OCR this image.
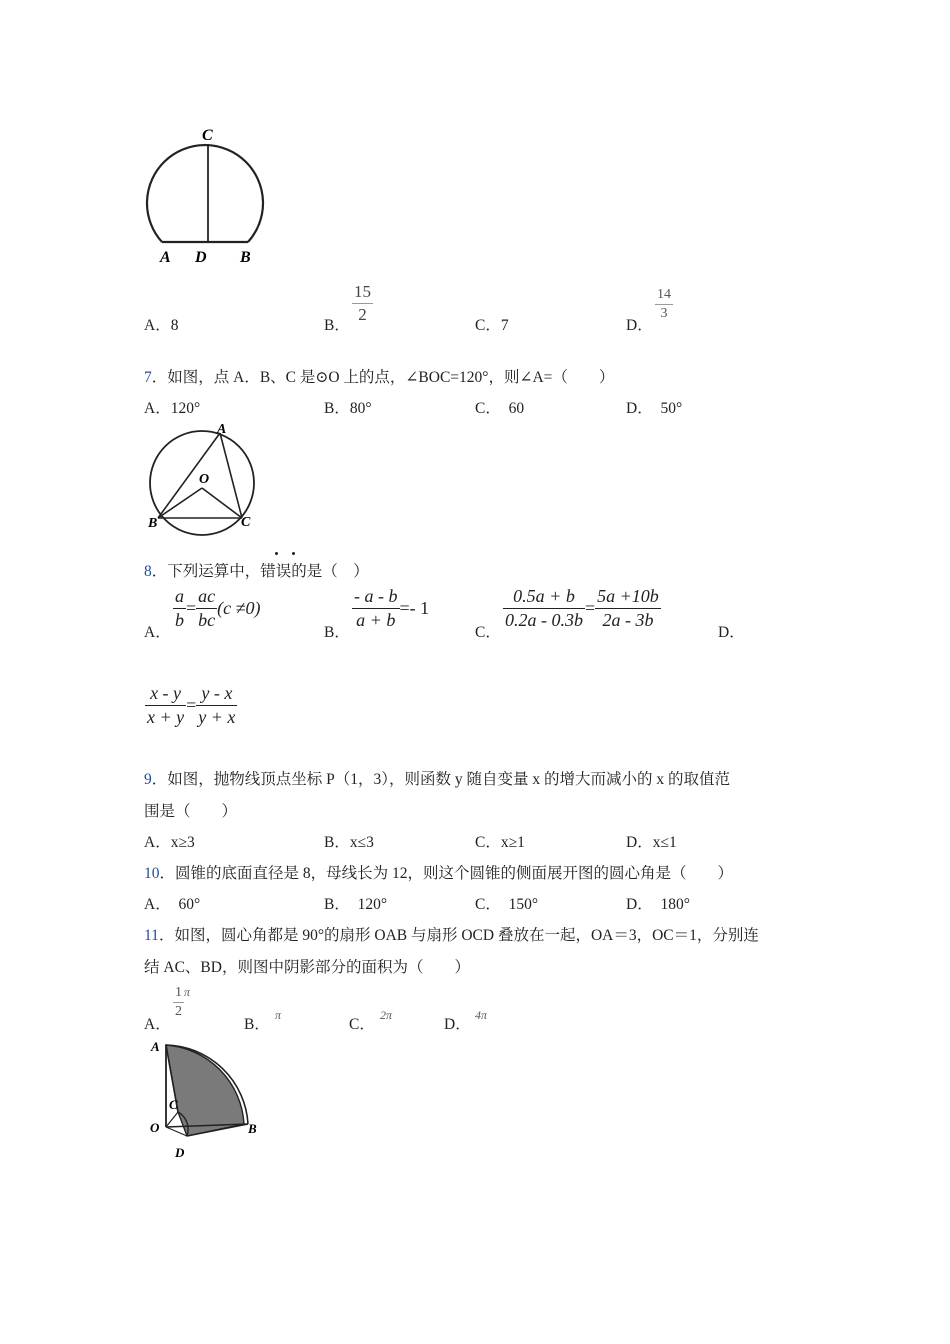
C
A D B
A．8	B．
$\frac{15}{2}$
C．7	D．
$\frac{14}{3}$
7．如图，点 A．B、C 是⊙O 上的点，∠BOC=120°，则∠A=（　　）
A．120°	B．80°	C．　60	D．　50°
A
O
B	C
8．下列运算中，错误的是（　）
A．
$\frac{a}{b} = \frac{ac}{bc} (c \ne 0)$
B．
$\frac{- a - b}{a + b} =- 1$
C．
$\frac{0.5a + b}{0.2a - 0.3b} = \frac{5a +10b}{2a - 3b}$
D．
$\frac{x - y}{x + y} = \frac{y - x}{y + x}$
9．如图，抛物线顶点坐标 P（1，3），则函数 y 随自变量 x 的增大而减小的 x 的取值范
围是（　　）
A．x≥3	B．x≤3	C．x≥1	D．x≤1
10．圆锥的底面直径是 8，母线长为 12，则这个圆锥的侧面展开图的圆心角是（　　）
A．　60°	B．　120°	C．　150°	D．　180°
11．如图，圆心角都是 90°的扇形 OAB 与扇形 OCD 叠放在一起，OA＝3，OC＝1，分别连
结 AC、BD，则图中阴影部分的面积为（　　）
A．
$\frac{1}{2}$ π
B．
π
C．
2π
D．
4π
A
C
O	B
D
